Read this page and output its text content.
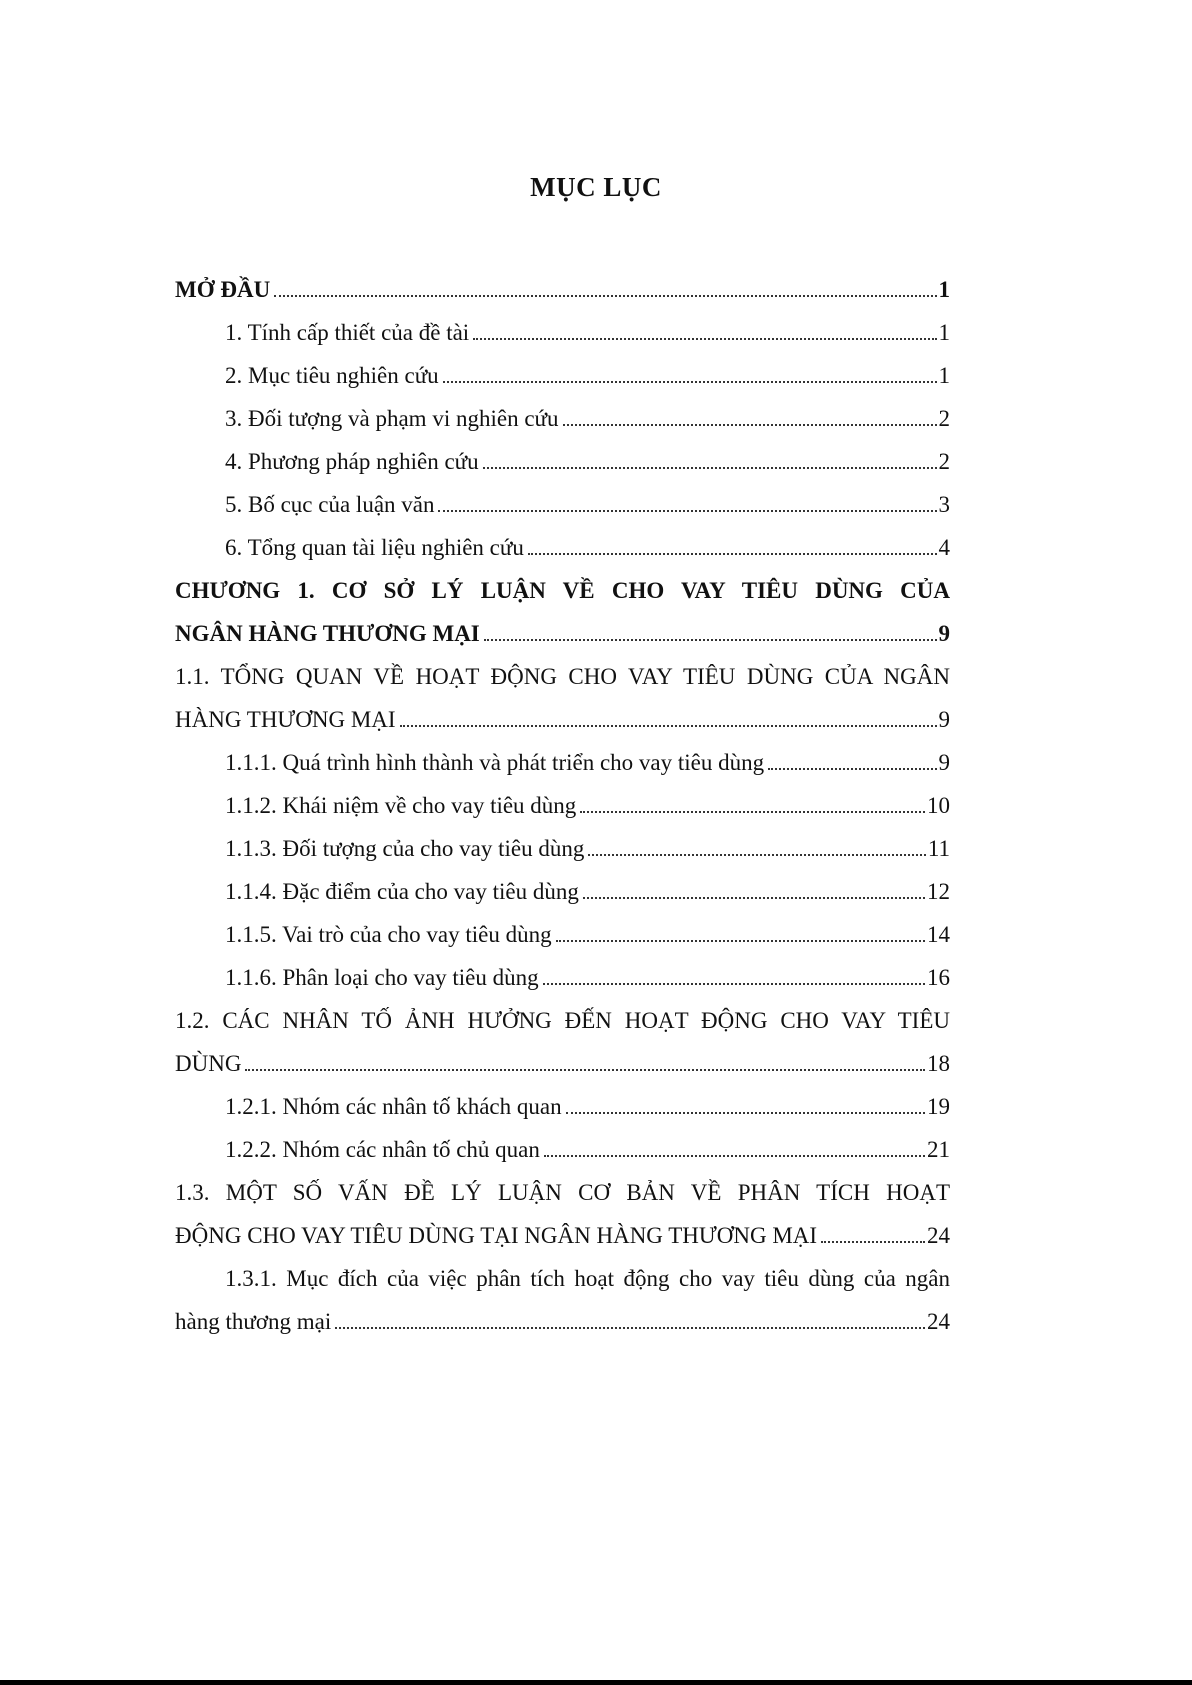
MỤC LỤC
MỞ ĐẦU	1
1. Tính cấp thiết của đề tài	1
2. Mục tiêu nghiên cứu	1
3. Đối tượng và phạm vi nghiên cứu	2
4. Phương pháp nghiên cứu	2
5. Bố cục của luận văn	3
6. Tổng quan tài liệu nghiên cứu	4
CHƯƠNG 1. CƠ SỞ LÝ LUẬN VỀ CHO VAY TIÊU DÙNG CỦA
NGÂN HÀNG THƯƠNG MẠI	9
1.1. TỔNG QUAN VỀ HOẠT ĐỘNG CHO VAY TIÊU DÙNG CỦA NGÂN
HÀNG THƯƠNG MẠI	9
1.1.1. Quá trình hình thành và phát triển cho vay tiêu dùng	9
1.1.2. Khái niệm về cho vay tiêu dùng	10
1.1.3. Đối tượng của cho vay tiêu dùng	11
1.1.4. Đặc điểm của cho vay tiêu dùng	12
1.1.5. Vai trò của cho vay tiêu dùng	14
1.1.6. Phân loại cho vay tiêu dùng	16
1.2. CÁC NHÂN TỐ ẢNH HƯỞNG ĐẾN HOẠT ĐỘNG CHO VAY TIÊU
DÙNG	18
1.2.1. Nhóm các nhân tố khách quan	19
1.2.2. Nhóm các nhân tố chủ quan	21
1.3. MỘT SỐ VẤN ĐỀ LÝ LUẬN CƠ BẢN VỀ PHÂN TÍCH HOẠT
ĐỘNG CHO VAY TIÊU DÙNG TẠI NGÂN HÀNG THƯƠNG MẠI	24
1.3.1. Mục đích của việc phân tích hoạt động cho vay tiêu dùng của ngân
hàng thương mại	24
